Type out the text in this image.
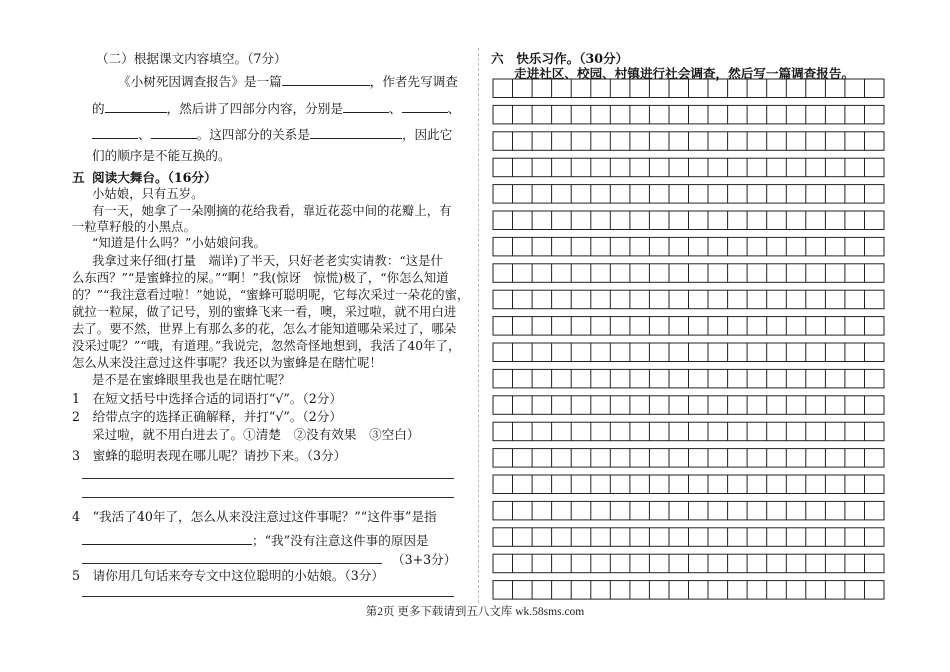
（二）根据课文内容填空。（7分）
《小树死因调查报告》是一篇	，作者先写调查
的	，然后讲了四部分内容，分别是	、	、
、	。这四部分的关系是	，因此它
们的顺序是不能互换的。
五 阅读大舞台。（16分）
小姑娘，只有五岁。
有一天，她拿了一朵刚摘的花给我看，靠近花蕊中间的花瓣上，有
一粒草籽般的小黑点。
“知道是什么吗？”小姑娘问我。
我拿过来仔细(打量　端详)了半天，只好老老实实请教：“这是什
么东西？”“是蜜蜂拉的屎。”“啊！”我(惊讶　惊慌)极了，“你怎么知道
的？”“我注意看过啦！”她说，“蜜蜂可聪明呢，它每次采过一朵花的蜜，
就拉一粒屎，做了记号，别的蜜蜂飞来一看，噢，采过啦，就不用白进
去了。要不然，世界上有那么多的花，怎么才能知道哪朵采过了，哪朵
没采过呢？”“哦，有道理。”我说完，忽然奇怪地想到，我活了40年了，
怎么从来没注意过这件事呢？我还以为蜜蜂是在瞎忙呢！
是不是在蜜蜂眼里我也是在瞎忙呢？
1　在短文括号中选择合适的词语打“√”。（2分）
2　给带点字的选择正确解释，并打“√”。（2分）
采过啦，就不用白进去了。①清楚　②没有效果　③空白）
3　蜜蜂的聪明表现在哪儿呢？请抄下来。（3分）
4　“我活了40年了，怎么从来没注意过这件事呢？”“这件事”是指
；“我”没有注意这件事的原因是
（3+3分）
5　请你用几句话来夸专文中这位聪明的小姑娘。（3分）
六　快乐习作。（30分）
走进社区、校园、村镇进行社会调查，然后写一篇调查报告。
第2页 更多下载请到五八文库 wk.58sms.com
